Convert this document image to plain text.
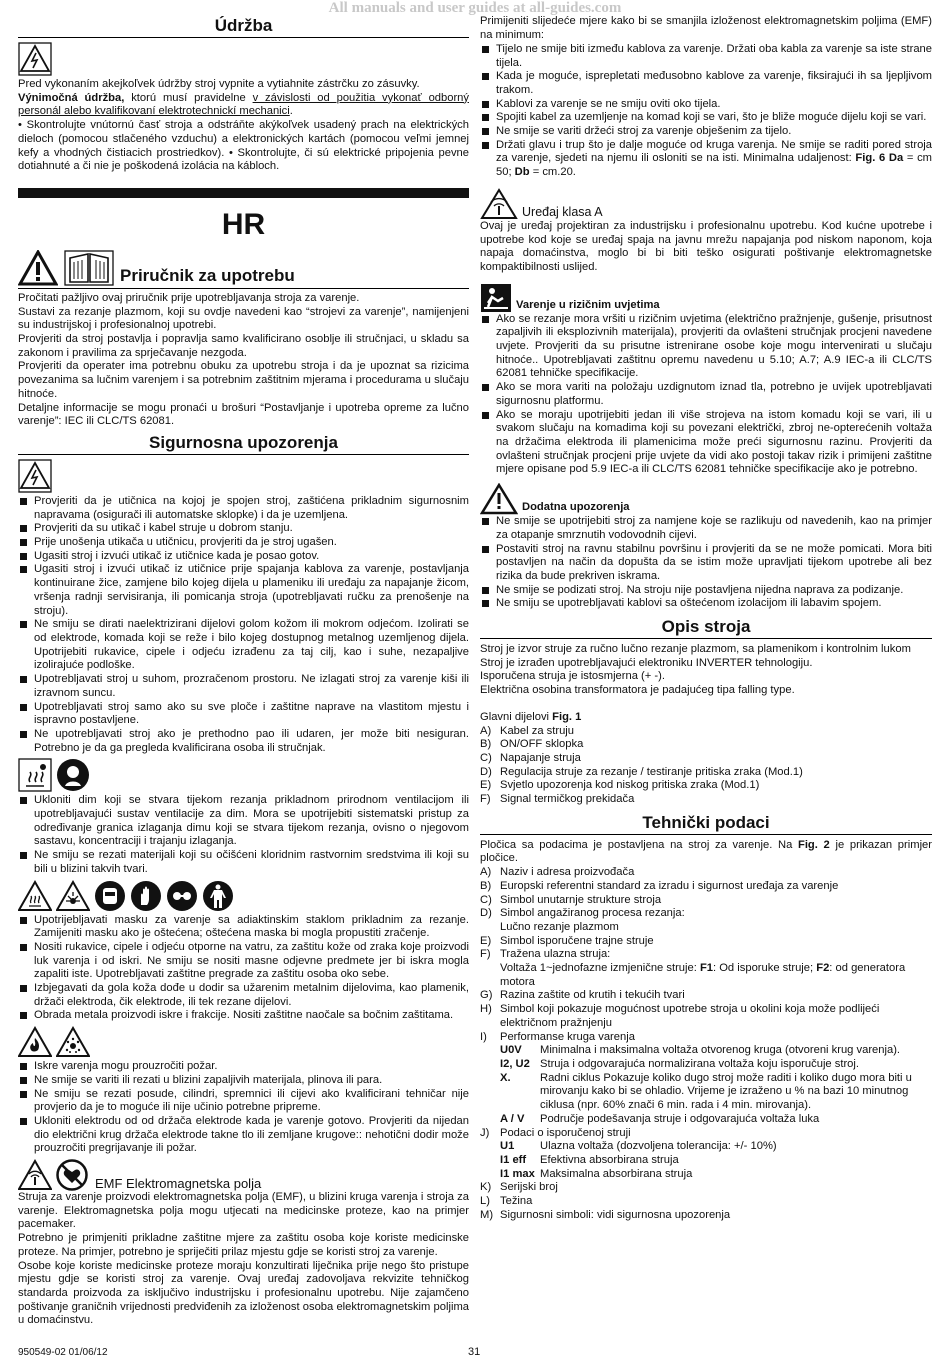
All manuals and user guides at all-guides.com
Údržba

Pred vykonaním akejkoľvek údržby stroj vypnite a vytiahnite zástrčku zo zásuvky.

Výnimočná údržba, ktorú musí pravidelne v závislosti od použitia vykonať odborný personál alebo kvalifikovaní elektrotechnickí mechanici.

• Skontrolujte vnútornú časť stroja a odstráňte akýkoľvek usadený prach na elektrických dieloch (pomocou stlačeného vzduchu) a elektronických kartách (pomocou veľmi jemnej kefy a vhodných čistiacich prostriedkov). • Skontrolujte, či sú elektrické pripojenia pevne dotiahnuté a či nie je poškodená izolácia na kábloch.

HR
Priručnik za upotrebu

Pročitati pažljivo ovaj priručnik prije upotrebljavanja stroja za varenje.

Sustavi za rezanje plazmom, koji su ovdje navedeni kao “strojevi za varenje”, namijenjeni su industrijskoj i profesionalnoj upotrebi.

Provjeriti da stroj postavlja i popravlja samo kvalificirano osoblje ili stručnjaci, u skladu sa zakonom i pravilima za sprječavanje nezgoda.

Provjeriti da operater ima potrebnu obuku za upotrebu stroja i da je upoznat sa rizicima povezanima sa lučnim varenjem i sa potrebnim zaštitnim mjerama i procedurama u slučaju hitnoće.

Detaljne informacije se mogu pronaći u brošuri “Postavljanje i upotreba opreme za lučno varenje”: IEC ili CLC/TS 62081.

Sigurnosna upozorenja
Provjeriti da je utičnica na kojoj je spojen stroj, zaštićena prikladnim sigurnosnim napravama (osigurači ili automatske sklopke) i da je uzemljena.
Provjeriti da su utikač i kabel struje u dobrom stanju.
Prije unošenja utikača u utičnicu, provjeriti da je stroj ugašen.
Ugasiti stroj i izvući utikač iz utičnice kada je posao gotov.
Ugasiti stroj i izvući utikač iz utičnice prije spajanja kablova za varenje, postavljanja kontinuirane žice, zamjene bilo kojeg dijela u plameniku ili uređaju za napajanje žicom, vršenja radnji servisiranja, ili pomicanja stroja (upotrebljavati ručku za prenošenje na stroju).
Ne smiju se dirati naelektrizirani dijelovi golom kožom ili mokrom odjećom. Izolirati se od elektrode, komada koji se reže i bilo kojeg dostupnog metalnog uzemljenog dijela. Upotrijebiti rukavice, cipele i odjeću izrađenu za taj cilj, kao i suhe, nezapaljive izolirajuće podloške.
Upotrebljavati stroj u suhom, prozračenom prostoru. Ne izlagati stroj za varenje kiši ili izravnom suncu.
Upotrebljavati stroj samo ako su sve ploče i zaštitne naprave na vlastitom mjestu i ispravno postavljene.
Ne upotrebljavati stroj ako je prethodno pao ili udaren, jer može biti nesiguran. Potrebno je da ga pregleda kvalificirana osoba ili stručnjak.
Ukloniti dim koji se stvara tijekom rezanja prikladnom prirodnom ventilacijom ili upotrebljavajući sustav ventilacije za dim. Mora se upotrijebiti sistematski pristup za određivanje granica izlaganja dimu koji se stvara tijekom rezanja, ovisno o njegovom sastavu, koncentraciji i trajanju izlaganja.
Ne smiju se rezati materijali koji su očišćeni kloridnim rastvornim sredstvima ili koji su bili u blizini takvih tvari.
Upotrijebljavati masku za varenje sa adiaktinskim staklom prikladnim za rezanje. Zamijeniti masku ako je oštećena; oštećena maska bi mogla propustiti zračenje.
Nositi rukavice, cipele i odjeću otporne na vatru, za zaštitu kože od zraka koje proizvodi luk varenja i od iskri. Ne smiju se nositi masne odjevne predmete jer bi iskra mogla zapaliti iste. Upotrebljavati zaštitne pregrade za zaštitu osoba oko sebe.
Izbjegavati da gola koža dođe u dodir sa užarenim metalnim dijelovima, kao plamenik, držači elektroda, čik elektrode, ili tek rezane dijelovi.
Obrada metala proizvodi iskre i frakcije. Nositi zaštitne naočale sa bočnim zaštitama.
Iskre varenja mogu prouzročiti požar.
Ne smije se variti ili rezati u blizini zapaljivih materijala, plinova ili para.
Ne smiju se rezati posude, cilindri, spremnici ili cijevi ako kvalificirani tehničar nije provjerio da je to moguće ili nije učinio potrebne pripreme.
Ukloniti elektrodu od od držača elektrode kada je varenje gotovo. Provjeriti da nijedan dio električni krug držača elektrode takne tlo ili zemljane krugove:: nehotični dodir može prouzročiti pregrijavanje ili požar.
EMF Elektromagnetska polja

Struja za varenje proizvodi elektromagnetska polja (EMF), u blizini kruga varenja i stroja za varenje. Elektromagnetska polja mogu utjecati na medicinske proteze, kao na primjer pacemaker.

Potrebno je primjeniti prikladne zaštitne mjere za zaštitu osoba koje koriste medicinske proteze. Na primjer, potrebno je spriječiti prilaz mjestu gdje se koristi stroj za varenje.

Osobe koje koriste medicinske proteze moraju konzultirati liječnika prije nego što pristupe mjestu gdje se koristi stroj za varenje. Ovaj uređaj zadovoljava rekvizite tehničkog standarda proizvoda za isključivo industrijsku i profesionalnu upotrebu. Nije zajamčeno poštivanje graničnih vrijednosti predviđenih za izloženost osoba elektromagnetskim poljima u domaćinstvu.

Primijeniti slijedeće mjere kako bi se smanjila izloženost elektromagnetskim poljima (EMF) na minimum:

Tijelo ne smije biti između kablova za varenje. Držati oba kabla za varenje sa iste strane tijela.
Kada je moguće, isprepletati međusobno kablove za varenje, fiksirajući ih sa ljepljivom trakom.
Kablovi za varenje se ne smiju oviti oko tijela.
Spojiti kabel za uzemljenje na komad koji se vari, što je bliže moguće dijelu koji se vari.
Ne smije se variti držeći stroj za varenje obješenim za tijelo.
Držati glavu i trup što je dalje moguće od kruga varenja. Ne smije se raditi pored stroja za varenje, sjedeti na njemu ili osloniti se na isti. Minimalna udaljenost: Fig. 6 Da = cm 50; Db = cm.20.
Uređaj klasa A

Ovaj je uređaj projektiran za industrijsku i profesionalnu upotrebu. Kod kućne upotrebe i upotrebe kod koje se uređaj spaja na javnu mrežu napajanja pod niskom naponom, koja napaja domaćinstva, moglo bi bi biti teško osigurati poštivanje elektromagnetske kompaktibilnosti uslijed.

Varenje u rizičnim uvjetima
Ako se rezanje mora vršiti u rizičnim uvjetima (električno pražnjenje, gušenje, prisutnost zapaljivih ili eksplozivnih materijala), provjeriti da ovlašteni stručnjak procjeni navedene uvjete. Provjeriti da su prisutne istrenirane osobe koje mogu intervenirati u slučaju hitnoće.. Upotrebljavati zaštitnu opremu navedenu u 5.10; A.7; A.9 IEC-a ili CLC/TS 62081 tehničke specifikacije.
Ako se mora variti na položaju uzdignutom iznad tla, potrebno je uvijek upotrebljavati sigurnosnu platformu.
Ako se moraju upotrijebiti jedan ili više strojeva na istom komadu koji se vari, ili u svakom slučaju na komadima koji su povezani električki, zbroj ne-opterećenih voltaža na držačima elektroda ili plamenicima može preći sigurnosnu razinu. Provjeriti da ovlašteni stručnjak procjeni prije uvjete da vidi ako postoji takav rizik i primijeni zaštitne mjere opisane pod 5.9 IEC-a ili CLC/TS 62081 tehničke specifikacije ako je potrebno.
Dodatna upozorenja
Ne smije se upotrijebiti stroj za namjene koje se razlikuju od navedenih, kao na primjer za otapanje smrznutih vodovodnih cijevi.
Postaviti stroj na ravnu stabilnu površinu i provjeriti da se ne može pomicati. Mora biti postavljen na način da dopušta da se istim može upravljati tijekom upotrebe ali bez rizika da bude prekriven iskrama.
Ne smije se podizati stroj. Na stroju nije postavljena nijedna naprava za podizanje.
Ne smiju se upotrebljavati kablovi sa oštećenom izolacijom ili labavim spojem.
Opis stroja

Stroj je izvor struje za ručno lučno rezanje plazmom, sa plamenikom i kontrolnim lukom

Stroj je izrađen upotrebljavajući elektroniku INVERTER tehnologiju.

Isporučena struja je istosmjerna (+ -).

Električna osobina transformatora je padajućeg tipa falling type.

Glavni dijelovi Fig. 1

A) Kabel za struju
B) ON/OFF sklopka
C) Napajanje struja
D) Regulacija struje za rezanje / testiranje pritiska zraka (Mod.1)
E) Svjetlo upozorenja kod niskog pritiska zraka (Mod.1)
F) Signal termičkog prekidača
Tehnički podaci

Pločica sa podacima je postavljena na stroj za varenje. Na Fig. 2 je prikazan primjer pločice.

A) Naziv i adresa proizvođača
B) Europski referentni standard za izradu i sigurnost uređaja za varenje
C) Simbol unutarnje strukture stroja
D) Simbol angažiranog procesa rezanja:
Lučno rezanje plazmom
E) Simbol isporučene trajne struje
F) Tražena ulazna struja:
Voltaža 1~jednofazne izmjenične struje: F1: Od isporuke struje; F2: od generatora motora
G) Razina zaštite od krutih i tekućih tvari
H) Simbol koji pokazuje mogućnost upotrebe stroja u okolini koja može podlijeći električnom pražnjenju
I)	Performanse kruga varenja
U0V	Minimalna i maksimalna voltaža otvorenog kruga (otvoreni krug varenja).
I2, U2 Struja i odgovarajuća normalizirana voltaža koju isporučuje stroj.
X.	Radni ciklus Pokazuje koliko dugo stroj može raditi i koliko dugo mora biti u mirovanju kako bi se ohladio. Vrijeme je izraženo u % na bazi 10 minutnog ciklusa (npr. 60% znači 6 min. rada i 4 min. mirovanja).
A / V	Područje podešavanja struje i odgovarajuća voltaža luka
J) Podaci o isporučenoj struji
U1	Ulazna voltaža (dozvoljena tolerancija: +/- 10%)
I1 eff	Efektivna absorbirana struja
I1 max Maksimalna absorbirana struja
K) Serijski broj
L) Težina
M) Sigurnosni simboli: vidi sigurnosna upozorenja
950549-02 01/06/12	31
